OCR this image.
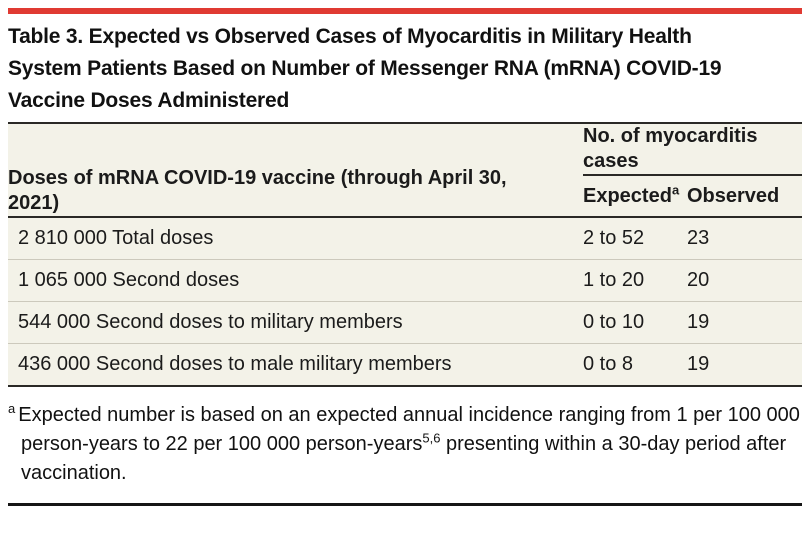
Table 3. Expected vs Observed Cases of Myocarditis in Military Health
System Patients Based on Number of Messenger RNA (mRNA) COVID-19
Vaccine Doses Administered
Doses of mRNA COVID-19 vaccine (through April 30, 2021)	No. of myocarditis cases	
	Expected$^a$	Observed
2 810 000 Total doses	2 to 52	23
1 065 000 Second doses	1 to 20	20
544 000 Second doses to military members	0 to 10	19
436 000 Second doses to male military members	0 to 8	19
$^a$ Expected number is based on an expected annual incidence ranging from 1 per 100 000 person-years to 22 per 100 000 person-years$^{5,6}$ presenting within a 30-day period after vaccination.
